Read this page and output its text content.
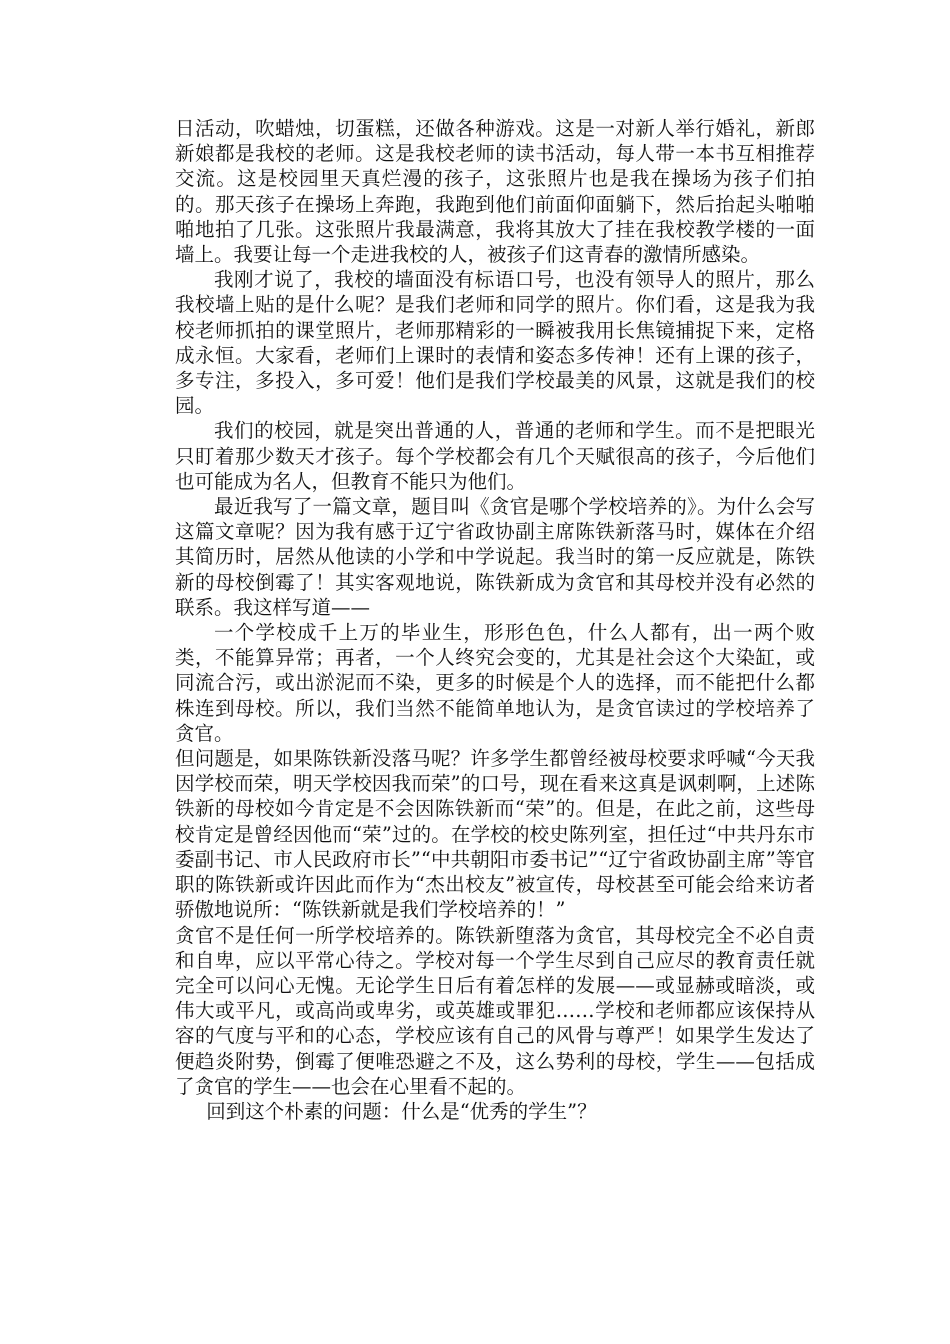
日活动，吹蜡烛，切蛋糕，还做各种游戏。这是一对新人举行婚礼，新郎新娘都是我校的老师。这是我校老师的读书活动，每人带一本书互相推荐交流。这是校园里天真烂漫的孩子，这张照片也是我在操场为孩子们拍的。那天孩子在操场上奔跑，我跑到他们前面仰面躺下，然后抬起头啪啪啪地拍了几张。这张照片我最满意，我将其放大了挂在我校教学楼的一面墙上。我要让每一个走进我校的人，被孩子们这青春的激情所感染。

我刚才说了，我校的墙面没有标语口号，也没有领导人的照片，那么我校墙上贴的是什么呢？是我们老师和同学的照片。你们看，这是我为我校老师抓拍的课堂照片，老师那精彩的一瞬被我用长焦镜捕捉下来，定格成永恒。大家看，老师们上课时的表情和姿态多传神！还有上课的孩子，多专注，多投入，多可爱！他们是我们学校最美的风景，这就是我们的校园。

我们的校园，就是突出普通的人，普通的老师和学生。而不是把眼光只盯着那少数天才孩子。每个学校都会有几个天赋很高的孩子，今后他们也可能成为名人，但教育不能只为他们。

最近我写了一篇文章，题目叫《贪官是哪个学校培养的》。为什么会写这篇文章呢？因为我有感于辽宁省政协副主席陈铁新落马时，媒体在介绍其简历时，居然从他读的小学和中学说起。我当时的第一反应就是，陈铁新的母校倒霉了！其实客观地说，陈铁新成为贪官和其母校并没有必然的联系。我这样写道——

一个学校成千上万的毕业生，形形色色，什么人都有，出一两个败类，不能算异常；再者，一个人终究会变的，尤其是社会这个大染缸，或同流合污，或出淤泥而不染，更多的时候是个人的选择，而不能把什么都株连到母校。所以，我们当然不能简单地认为，是贪官读过的学校培养了贪官。

但问题是，如果陈铁新没落马呢？许多学生都曾经被母校要求呼喊“今天我因学校而荣，明天学校因我而荣”的口号，现在看来这真是讽刺啊，上述陈铁新的母校如今肯定是不会因陈铁新而“荣”的。但是，在此之前，这些母校肯定是曾经因他而“荣”过的。在学校的校史陈列室，担任过“中共丹东市委副书记、市人民政府市长”“中共朝阳市委书记”“辽宁省政协副主席”等官职的陈铁新或许因此而作为“杰出校友”被宣传，母校甚至可能会给来访者骄傲地说所：“陈铁新就是我们学校培养的！”

贪官不是任何一所学校培养的。陈铁新堕落为贪官，其母校完全不必自责和自卑，应以平常心待之。学校对每一个学生尽到自己应尽的教育责任就完全可以问心无愧。无论学生日后有着怎样的发展——或显赫或暗淡，或伟大或平凡，或高尚或卑劣，或英雄或罪犯……学校和老师都应该保持从容的气度与平和的心态，学校应该有自己的风骨与尊严！如果学生发达了便趋炎附势，倒霉了便唯恐避之不及，这么势利的母校，学生——包括成了贪官的学生——也会在心里看不起的。

回到这个朴素的问题：什么是“优秀的学生”？
